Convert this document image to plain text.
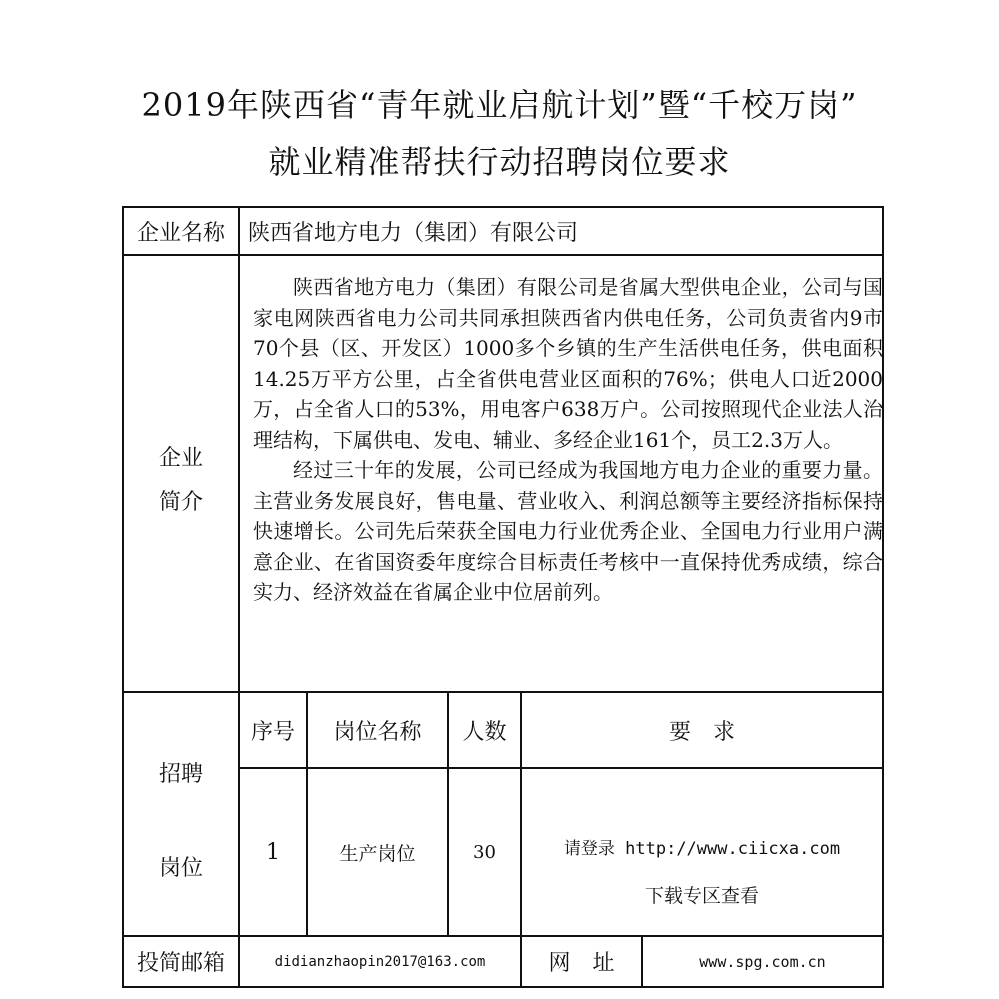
2019年陕西省“青年就业启航计划”暨“千校万岗”
就业精准帮扶行动招聘岗位要求
企业名称	陕西省地方电力（集团）有限公司
企业
简介

陕西省地方电力（集团）有限公司是省属大型供电企业，公司与国家电网陕西省电力公司共同承担陕西省内供电任务，公司负责省内9市70个县（区、开发区）1000多个乡镇的生产生活供电任务，供电面积14.25万平方公里，占全省供电营业区面积的76%；供电人口近2000万，占全省人口的53%，用电客户638万户。公司按照现代企业法人治理结构，下属供电、发电、辅业、多经企业161个，员工2.3万人。

经过三十年的发展，公司已经成为我国地方电力企业的重要力量。主营业务发展良好，售电量、营业收入、利润总额等主要经济指标保持快速增长。公司先后荣获全国电力行业优秀企业、全国电力行业用户满意企业、在省国资委年度综合目标责任考核中一直保持优秀成绩，综合实力、经济效益在省属企业中位居前列。

招聘
岗位
序号	岗位名称	人数	要　求
1	生产岗位	30	请登录 http://www.ciicxa.com
下载专区查看
投简邮箱	didianzhaopin2017@163.com	网　址	www.spg.com.cn
